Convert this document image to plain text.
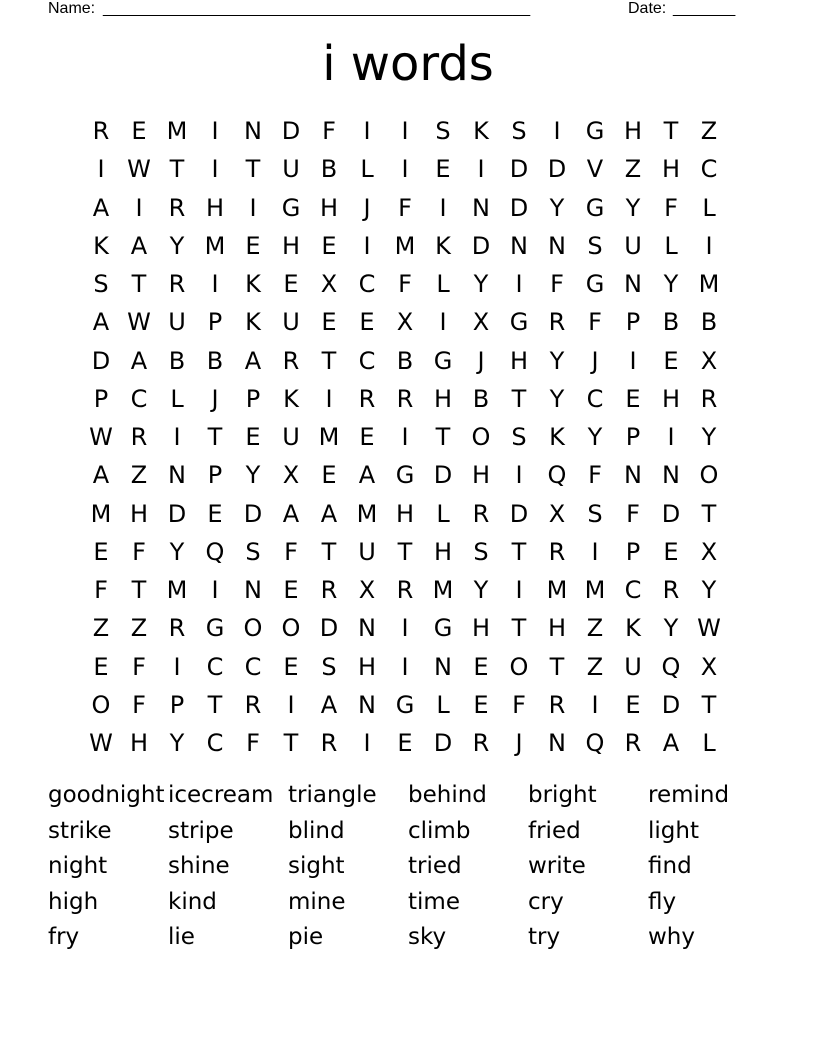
Name: ________________________________________________	Date: _______
i words
R E M	I	N D F	I	I	S K S	I	G H T Z
I W T	I	T U B L	I	E	I	D D V Z H C
A	I	R H	I	G H	J	F	I	N D Y G Y F	L
K A Y M E H E	I	M K D N N S U L	I
S T R	I	K E X C F	L Y	I	F G N Y M
A W U P K U E E X	I	X G R F P B B
D A B B A R T C B G	J	H Y	J	I	E X
P C L	J	P K	I	R R H B T Y C E H R
W R	I	T E U M E	I	T O S K Y P	I	Y
A Z N P Y X E A G D H	I	Q F N N O
M H D E D A A M H L R D X S F D T
E F Y Q S F T U T H S T R	I	P E X
F T M	I	N E R X R M Y	I	M M C R Y
Z Z R G O O D N	I	G H T H Z K Y W
E F	I	C C E S H	I	N E O T Z U Q X
O F P T R	I	A N G L E F R	I	E D T
W H Y C F T R	I	E D R	J	N Q R A L
goodnight icecream triangle	behind	bright	remind
strike	stripe	blind	climb	fried	light
night	shine	sight	tried	write	find
high	kind	mine	time	cry	fly
fry	lie	pie	sky	try	why
